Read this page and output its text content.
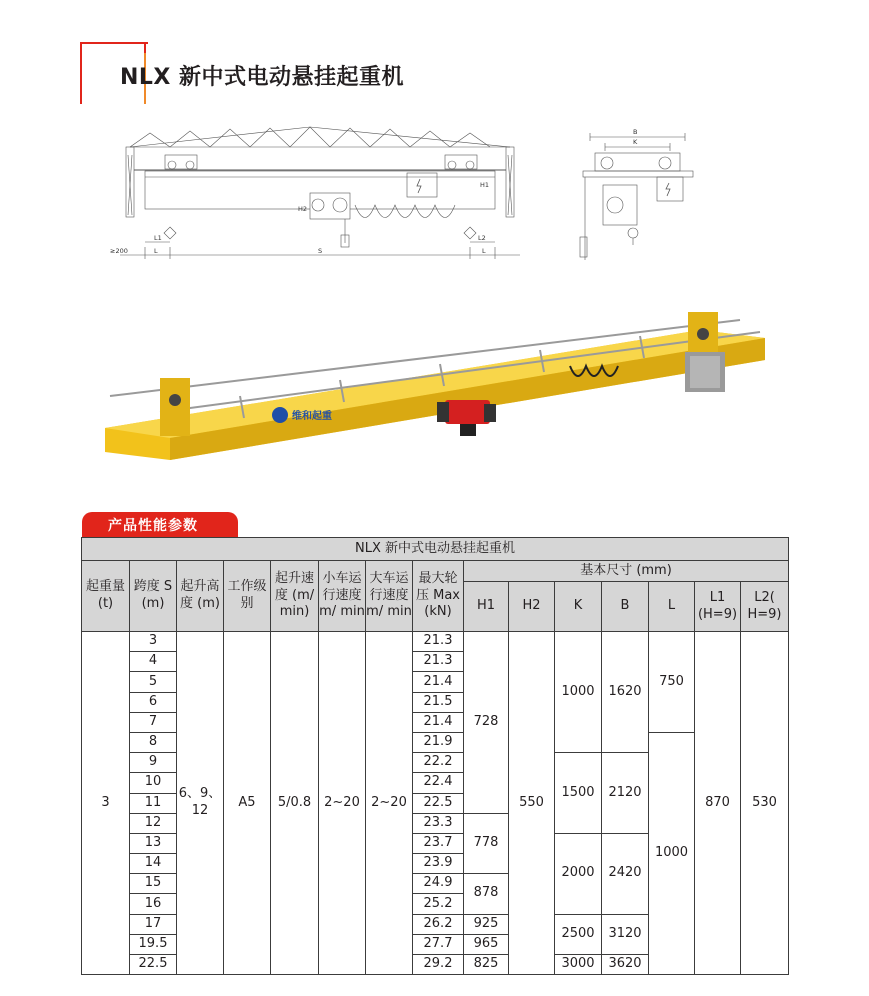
NLX 新中式电动悬挂起重机
H1
H2
L1	L2
L	L
S
≥200
B
K
维和起重
产品性能参数
NLX 新中式电动悬挂起重机														
起重量 (t)	跨度 S (m)	起升高度 (m)	工作级别	起升速度 (m/ min)	小车运行速度 m/ min	大车运行速度 m/ min	最大轮压 Max (kN)	基本尺寸 (mm)						
								H1	H2	K	B	L	L1 (H=9)	L2( H=9)
3	3	6、9、12	A5	5/0.8	2~20	2~20	21.3	728	550	1000	1620	750	870	530
	4						21.3							
	5						21.4							
	6						21.5							
	7						21.4							
	8						21.9					1000		
	9						22.2			1500	2120			
	10						22.4							
	11						22.5							
	12						23.3	778						
	13						23.7			2000	2420			
	14						23.9							
	15						24.9	878						
	16						25.2							
	17						26.2	925		2500	3120			
	19.5						27.7	965						
	22.5						29.2	825		3000	3620			
